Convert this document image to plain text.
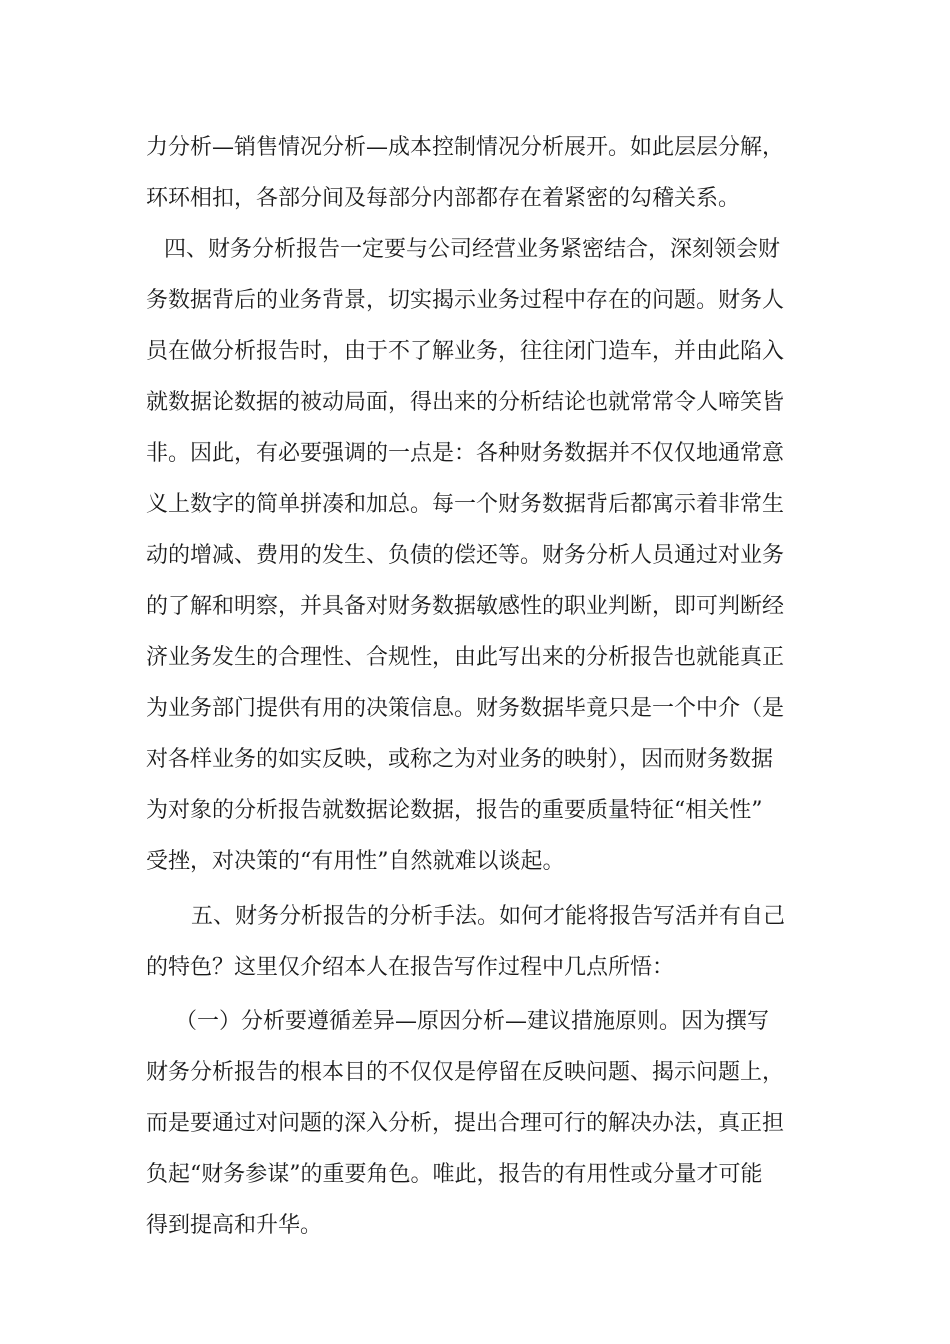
力分析—销售情况分析—成本控制情况分析展开。如此层层分解，
环环相扣，各部分间及每部分内部都存在着紧密的勾稽关系。
四、财务分析报告一定要与公司经营业务紧密结合，深刻领会财
务数据背后的业务背景，切实揭示业务过程中存在的问题。财务人
员在做分析报告时，由于不了解业务，往往闭门造车，并由此陷入
就数据论数据的被动局面，得出来的分析结论也就常常令人啼笑皆
非。因此，有必要强调的一点是：各种财务数据并不仅仅地通常意
义上数字的简单拼凑和加总。每一个财务数据背后都寓示着非常生
动的增减、费用的发生、负债的偿还等。财务分析人员通过对业务
的了解和明察，并具备对财务数据敏感性的职业判断，即可判断经
济业务发生的合理性、合规性，由此写出来的分析报告也就能真正
为业务部门提供有用的决策信息。财务数据毕竟只是一个中介（是
对各样业务的如实反映，或称之为对业务的映射），因而财务数据
为对象的分析报告就数据论数据，报告的重要质量特征“相关性”
受挫，对决策的“有用性”自然就难以谈起。
五、财务分析报告的分析手法。如何才能将报告写活并有自己
的特色？这里仅介绍本人在报告写作过程中几点所悟：
（一）分析要遵循差异—原因分析—建议措施原则。因为撰写
财务分析报告的根本目的不仅仅是停留在反映问题、揭示问题上，
而是要通过对问题的深入分析，提出合理可行的解决办法，真正担
负起“财务参谋”的重要角色。唯此，报告的有用性或分量才可能
得到提高和升华。
